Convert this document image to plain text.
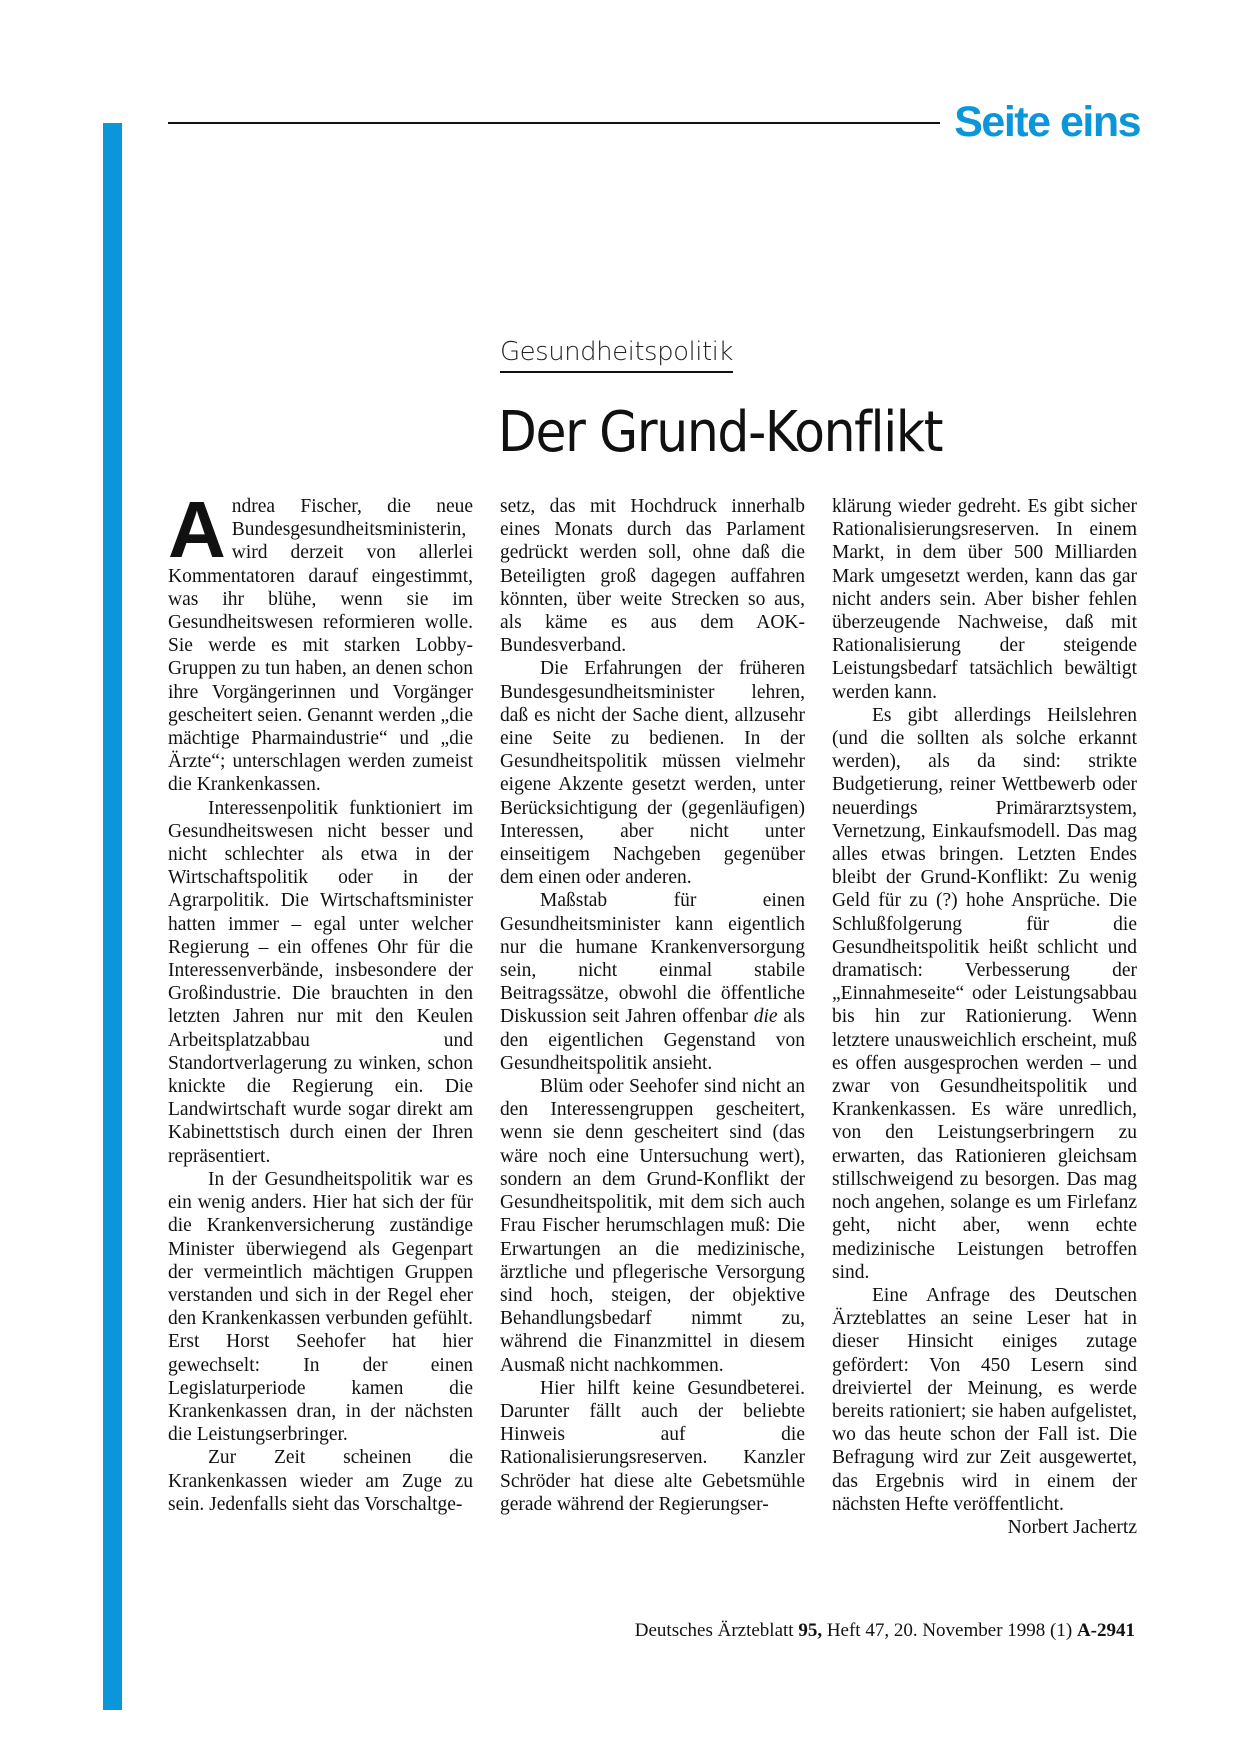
Seite eins
Gesundheitspolitik
Der Grund-Konflikt

Andrea Fischer, die neue Bundesgesundheitsministerin, wird derzeit von allerlei Kommentatoren darauf eingestimmt, was ihr blühe, wenn sie im Gesundheitswesen reformieren wolle. Sie werde es mit starken Lobby-Gruppen zu tun haben, an denen schon ihre Vorgängerinnen und Vorgänger gescheitert seien. Genannt werden „die mächtige Pharmaindustrie“ und „die Ärzte“; unterschlagen werden zumeist die Krankenkassen.

Interessenpolitik funktioniert im Gesundheitswesen nicht besser und nicht schlechter als etwa in der Wirtschaftspolitik oder in der Agrarpolitik. Die Wirtschaftsminister hatten immer – egal unter welcher Regierung – ein offenes Ohr für die Interessenverbände, insbesondere der Großindustrie. Die brauchten in den letzten Jahren nur mit den Keulen Arbeitsplatzabbau und Standortverlagerung zu winken, schon knickte die Regierung ein. Die Landwirtschaft wurde sogar direkt am Kabinettstisch durch einen der Ihren repräsentiert.

In der Gesundheitspolitik war es ein wenig anders. Hier hat sich der für die Krankenversicherung zuständige Minister überwiegend als Gegenpart der vermeintlich mächtigen Gruppen verstanden und sich in der Regel eher den Krankenkassen verbunden gefühlt. Erst Horst Seehofer hat hier gewechselt: In der einen Legislaturperiode kamen die Krankenkassen dran, in der nächsten die Leistungserbringer.

Zur Zeit scheinen die Krankenkassen wieder am Zuge zu sein. Jedenfalls sieht das Vorschaltge-

setz, das mit Hochdruck innerhalb eines Monats durch das Parlament gedrückt werden soll, ohne daß die Beteiligten groß dagegen auffahren könnten, über weite Strecken so aus, als käme es aus dem AOK-Bundesverband.

Die Erfahrungen der früheren Bundesgesundheitsminister lehren, daß es nicht der Sache dient, allzusehr eine Seite zu bedienen. In der Gesundheitspolitik müssen vielmehr eigene Akzente gesetzt werden, unter Berücksichtigung der (gegenläufigen) Interessen, aber nicht unter einseitigem Nachgeben gegenüber dem einen oder anderen.

Maßstab für einen Gesundheitsminister kann eigentlich nur die humane Krankenversorgung sein, nicht einmal stabile Beitragssätze, obwohl die öffentliche Diskussion seit Jahren offenbar die als den eigentlichen Gegenstand von Gesundheitspolitik ansieht.

Blüm oder Seehofer sind nicht an den Interessengruppen gescheitert, wenn sie denn gescheitert sind (das wäre noch eine Untersuchung wert), sondern an dem Grund-Konflikt der Gesundheitspolitik, mit dem sich auch Frau Fischer herumschlagen muß: Die Erwartungen an die medizinische, ärztliche und pflegerische Versorgung sind hoch, steigen, der objektive Behandlungsbedarf nimmt zu, während die Finanzmittel in diesem Ausmaß nicht nachkommen.

Hier hilft keine Gesundbeterei. Darunter fällt auch der beliebte Hinweis auf die Rationalisierungsreserven. Kanzler Schröder hat diese alte Gebetsmühle gerade während der Regierungser-

klärung wieder gedreht. Es gibt sicher Rationalisierungsreserven. In einem Markt, in dem über 500 Milliarden Mark umgesetzt werden, kann das gar nicht anders sein. Aber bisher fehlen überzeugende Nachweise, daß mit Rationalisierung der steigende Leistungsbedarf tatsächlich bewältigt werden kann.

Es gibt allerdings Heilslehren (und die sollten als solche erkannt werden), als da sind: strikte Budgetierung, reiner Wettbewerb oder neuerdings Primärarztsystem, Vernetzung, Einkaufsmodell. Das mag alles etwas bringen. Letzten Endes bleibt der Grund-Konflikt: Zu wenig Geld für zu (?) hohe Ansprüche. Die Schlußfolgerung für die Gesundheitspolitik heißt schlicht und dramatisch: Verbesserung der „Einnahmeseite“ oder Leistungsabbau bis hin zur Rationierung. Wenn letztere unausweichlich erscheint, muß es offen ausgesprochen werden – und zwar von Gesundheitspolitik und Krankenkassen. Es wäre unredlich, von den Leistungserbringern zu erwarten, das Rationieren gleichsam stillschweigend zu besorgen. Das mag noch angehen, solange es um Firlefanz geht, nicht aber, wenn echte medizinische Leistungen betroffen sind.

Eine Anfrage des Deutschen Ärzteblattes an seine Leser hat in dieser Hinsicht einiges zutage gefördert: Von 450 Lesern sind dreiviertel der Meinung, es werde bereits rationiert; sie haben aufgelistet, wo das heute schon der Fall ist. Die Befragung wird zur Zeit ausgewertet, das Ergebnis wird in einem der nächsten Hefte veröffentlicht.
Norbert Jachertz

Deutsches Ärzteblatt 95, Heft 47, 20. November 1998 (1) A-2941
